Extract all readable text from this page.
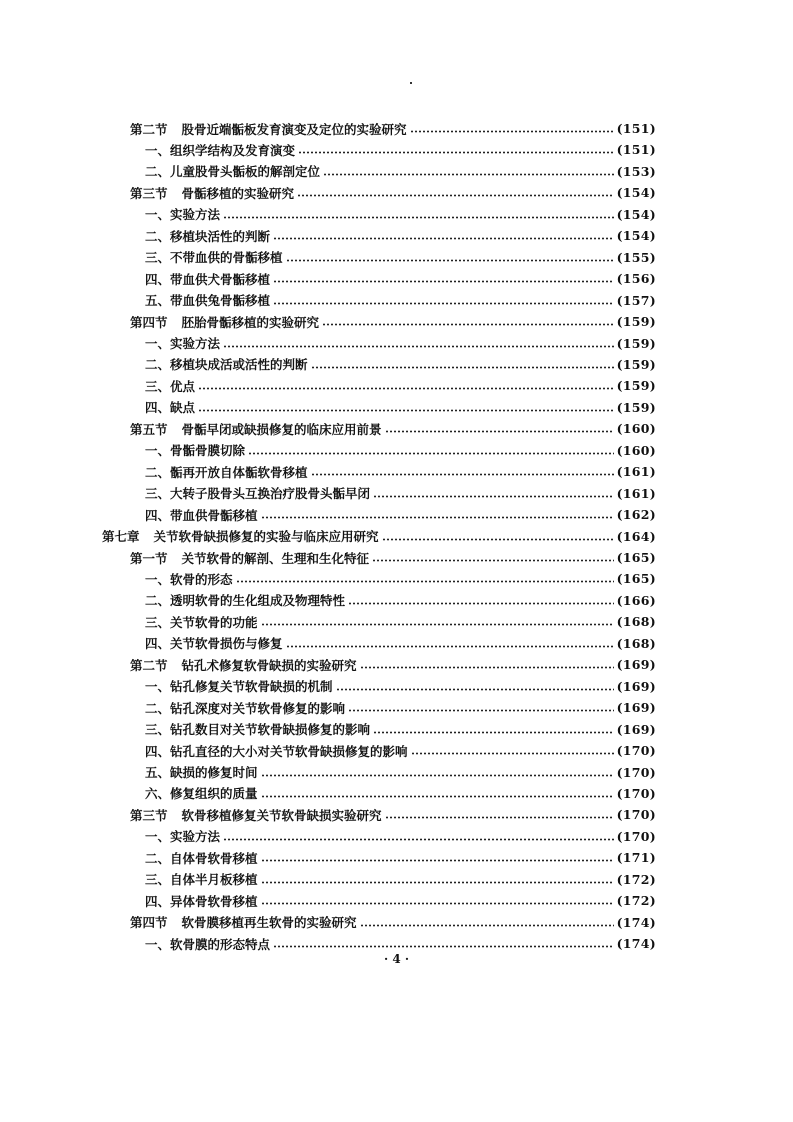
第二节 股骨近端骺板发育演变及定位的实验研究	(151)
一、组织学结构及发育演变	(151)
二、儿童股骨头骺板的解剖定位	(153)
第三节 骨骺移植的实验研究	(154)
一、实验方法	(154)
二、移植块活性的判断	(154)
三、不带血供的骨骺移植	(155)
四、带血供犬骨骺移植	(156)
五、带血供兔骨骺移植	(157)
第四节 胚胎骨骺移植的实验研究	(159)
一、实验方法	(159)
二、移植块成活或活性的判断	(159)
三、优点	(159)
四、缺点	(159)
第五节 骨骺早闭或缺损修复的临床应用前景	(160)
一、骨骺骨膜切除	(160)
二、骺再开放自体骺软骨移植	(161)
三、大转子股骨头互换治疗股骨头骺早闭	(161)
四、带血供骨骺移植	(162)
第七章 关节软骨缺损修复的实验与临床应用研究	(164)
第一节 关节软骨的解剖、生理和生化特征	(165)
一、软骨的形态	(165)
二、透明软骨的生化组成及物理特性	(166)
三、关节软骨的功能	(168)
四、关节软骨损伤与修复	(168)
第二节 钻孔术修复软骨缺损的实验研究	(169)
一、钻孔修复关节软骨缺损的机制	(169)
二、钻孔深度对关节软骨修复的影响	(169)
三、钻孔数目对关节软骨缺损修复的影响	(169)
四、钻孔直径的大小对关节软骨缺损修复的影响	(170)
五、缺损的修复时间	(170)
六、修复组织的质量	(170)
第三节 软骨移植修复关节软骨缺损实验研究	(170)
一、实验方法	(170)
二、自体骨软骨移植	(171)
三、自体半月板移植	(172)
四、异体骨软骨移植	(172)
第四节 软骨膜移植再生软骨的实验研究	(174)
一、软骨膜的形态特点	(174)
· 4 ·
